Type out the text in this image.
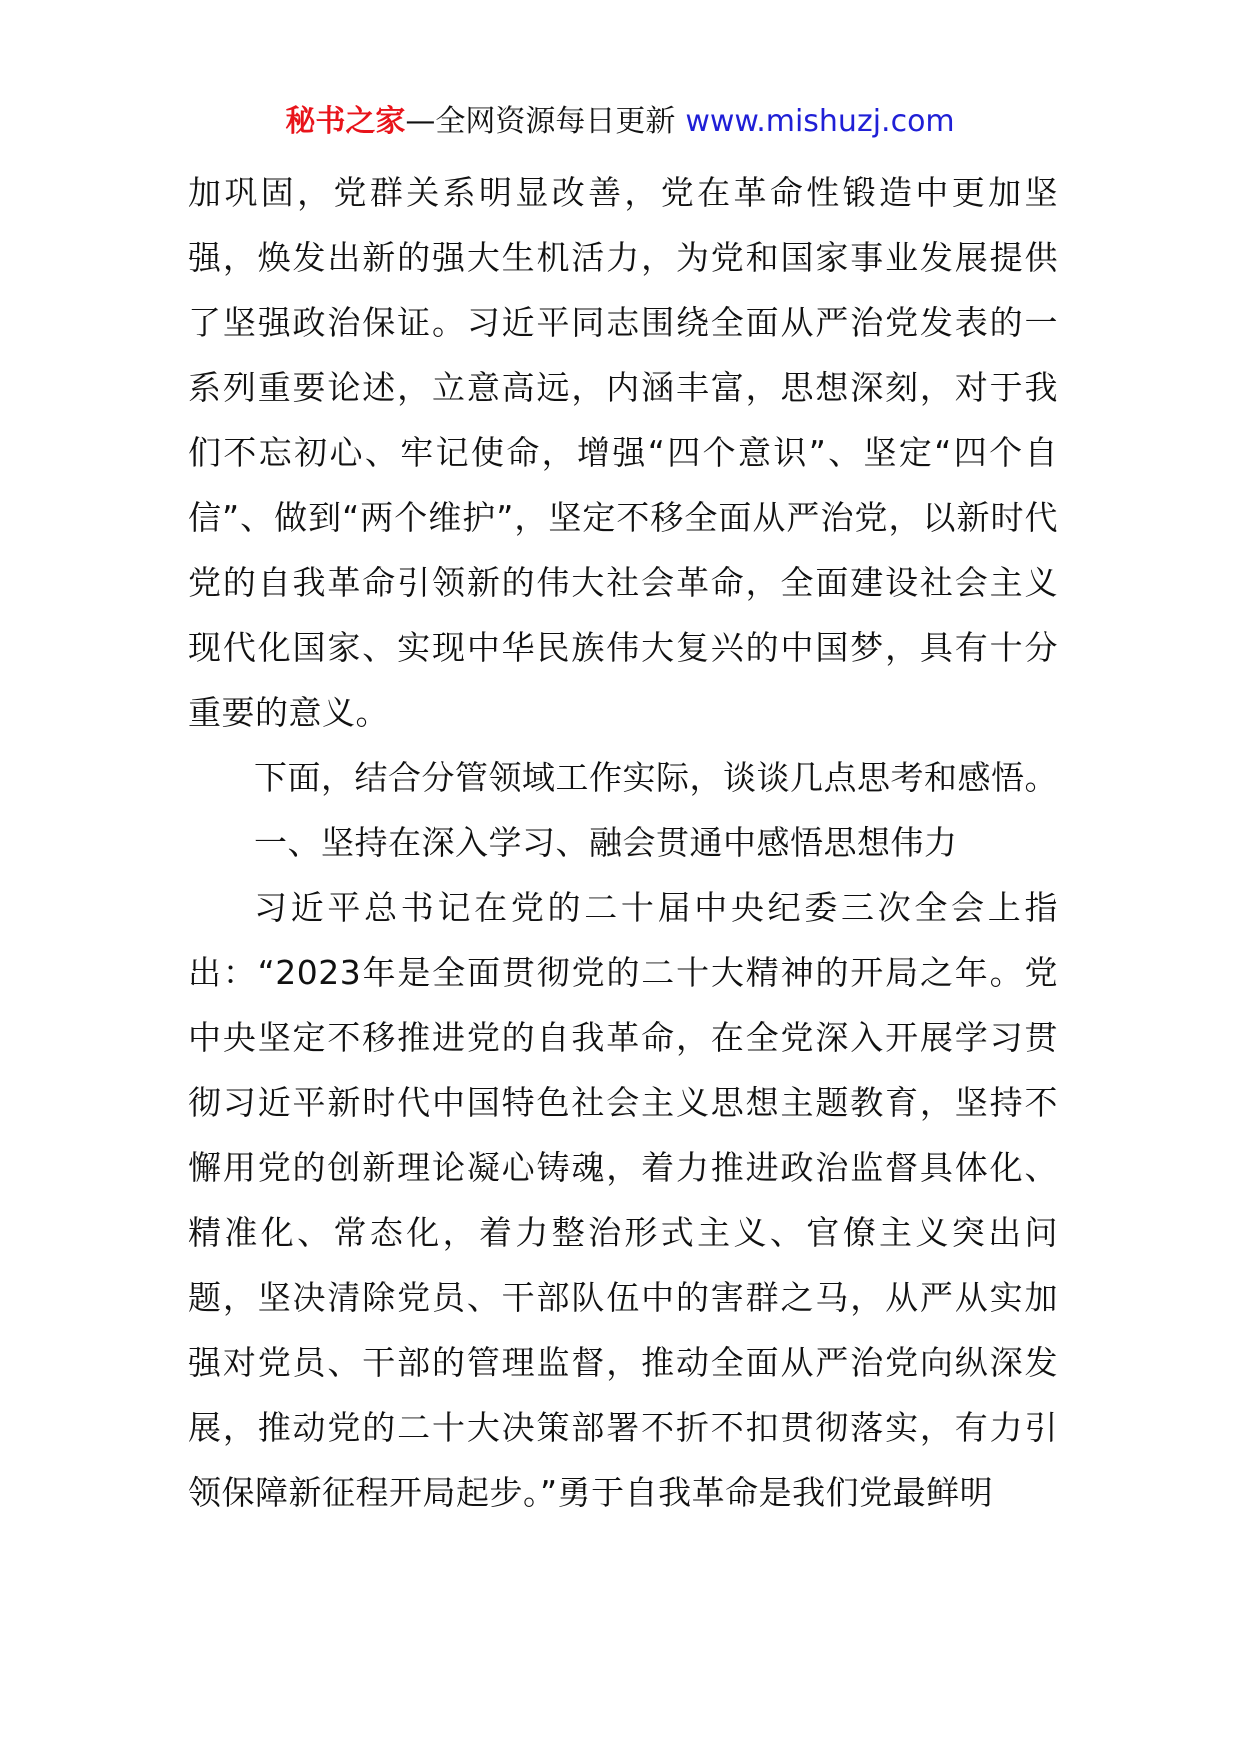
秘书之家—全网资源每日更新 www.mishuzj.com

加巩固，党群关系明显改善，党在革命性锻造中更加坚强，焕发出新的强大生机活力，为党和国家事业发展提供了坚强政治保证。习近平同志围绕全面从严治党发表的一系列重要论述，立意高远，内涵丰富，思想深刻，对于我们不忘初心、牢记使命，增强“四个意识”、坚定“四个自信”、做到“两个维护”，坚定不移全面从严治党，以新时代党的自我革命引领新的伟大社会革命，全面建设社会主义现代化国家、实现中华民族伟大复兴的中国梦，具有十分重要的意义。

下面，结合分管领域工作实际，谈谈几点思考和感悟。

一、坚持在深入学习、融会贯通中感悟思想伟力

习近平总书记在党的二十届中央纪委三次全会上指出：“2023年是全面贯彻党的二十大精神的开局之年。党中央坚定不移推进党的自我革命，在全党深入开展学习贯彻习近平新时代中国特色社会主义思想主题教育，坚持不懈用党的创新理论凝心铸魂，着力推进政治监督具体化、精准化、常态化，着力整治形式主义、官僚主义突出问题，坚决清除党员、干部队伍中的害群之马，从严从实加强对党员、干部的管理监督，推动全面从严治党向纵深发展，推动党的二十大决策部署不折不扣贯彻落实，有力引领保障新征程开局起步。”勇于自我革命是我们党最鲜明
